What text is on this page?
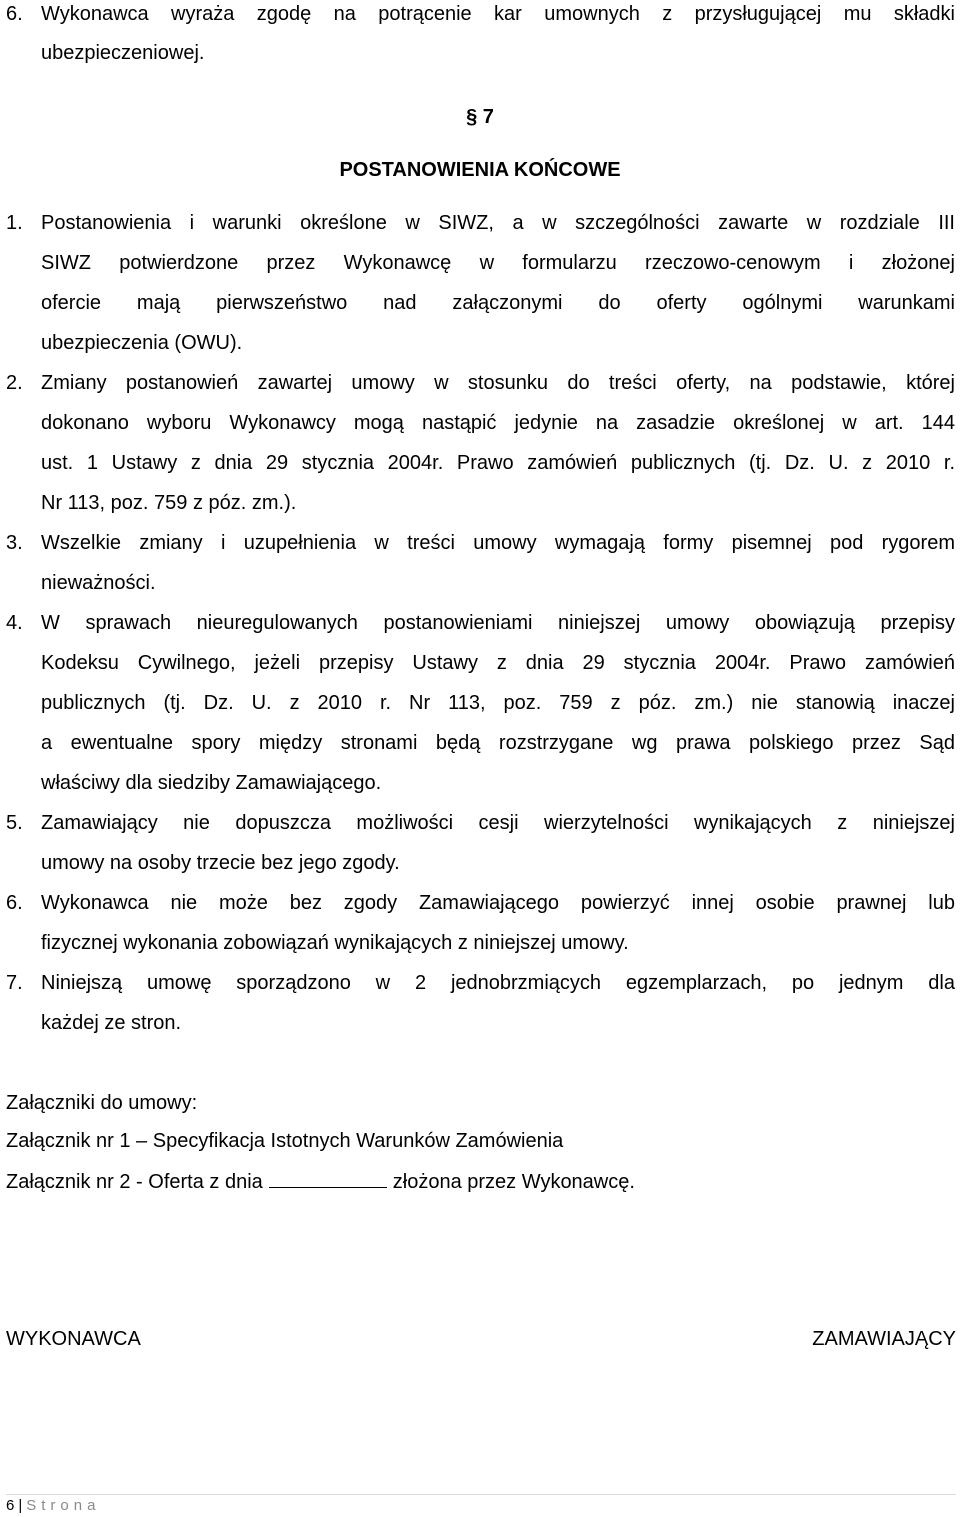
6. Wykonawca wyraża zgodę na potrącenie kar umownych z przysługującej mu składki
ubezpieczeniowej.
§ 7
POSTANOWIENIA KOŃCOWE
1. Postanowienia i warunki określone w SIWZ, a w szczególności zawarte w rozdziale III
SIWZ potwierdzone przez Wykonawcę w formularzu rzeczowo-cenowym i złożonej
ofercie mają pierwszeństwo nad załączonymi do oferty ogólnymi warunkami
ubezpieczenia (OWU).
2. Zmiany postanowień zawartej umowy w stosunku do treści oferty, na podstawie, której
dokonano wyboru Wykonawcy mogą nastąpić jedynie na zasadzie określonej w art. 144
ust. 1 Ustawy z dnia 29 stycznia 2004r. Prawo zamówień publicznych (tj. Dz. U. z 2010 r.
Nr 113, poz. 759 z póz. zm.).
3. Wszelkie zmiany i uzupełnienia w treści umowy wymagają formy pisemnej pod rygorem
nieważności.
4. W sprawach nieuregulowanych postanowieniami niniejszej umowy obowiązują przepisy
Kodeksu Cywilnego, jeżeli przepisy Ustawy z dnia 29 stycznia 2004r. Prawo zamówień
publicznych (tj. Dz. U. z 2010 r. Nr 113, poz. 759 z póz. zm.) nie stanowią inaczej
a ewentualne spory między stronami będą rozstrzygane wg prawa polskiego przez Sąd
właściwy dla siedziby Zamawiającego.
5. Zamawiający nie dopuszcza możliwości cesji wierzytelności wynikających z niniejszej
umowy na osoby trzecie bez jego zgody.
6. Wykonawca nie może bez zgody Zamawiającego powierzyć innej osobie prawnej lub
fizycznej wykonania zobowiązań wynikających z niniejszej umowy.
7. Niniejszą umowę sporządzono w 2 jednobrzmiących egzemplarzach, po jednym dla
każdej ze stron.
Załączniki do umowy:
Załącznik nr 1 – Specyfikacja Istotnych Warunków Zamówienia
Załącznik nr 2 - Oferta z dnia	złożona przez Wykonawcę.
WYKONAWCA	ZAMAWIAJĄCY
6 | Strona
